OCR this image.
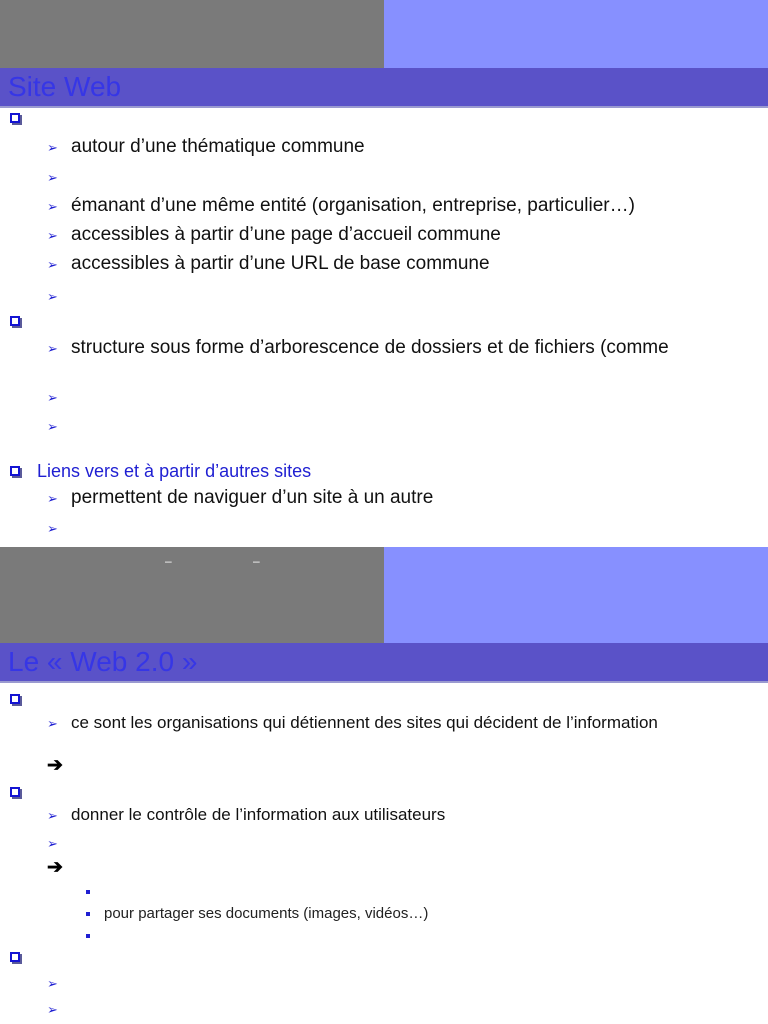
Site Web
➢ autour d’une thématique commune
➢
➢ émanant d’une même entité (organisation, entreprise, particulier…)
➢ accessibles à partir d’une page d’accueil commune
➢ accessibles à partir d’une URL de base commune
➢
➢ structure sous forme d’arborescence de dossiers et de fichiers (comme
➢
➢
Liens vers et à partir d’autres sites
➢ permettent de naviguer d’un site à un autre
➢
–	–
Le « Web 2.0 »
➢ ce sont les organisations qui détiennent des sites qui décident de l’information
➔
➢ donner le contrôle de l’information aux utilisateurs
➢
➔
pour partager ses documents (images, vidéos…)
➢
➢
